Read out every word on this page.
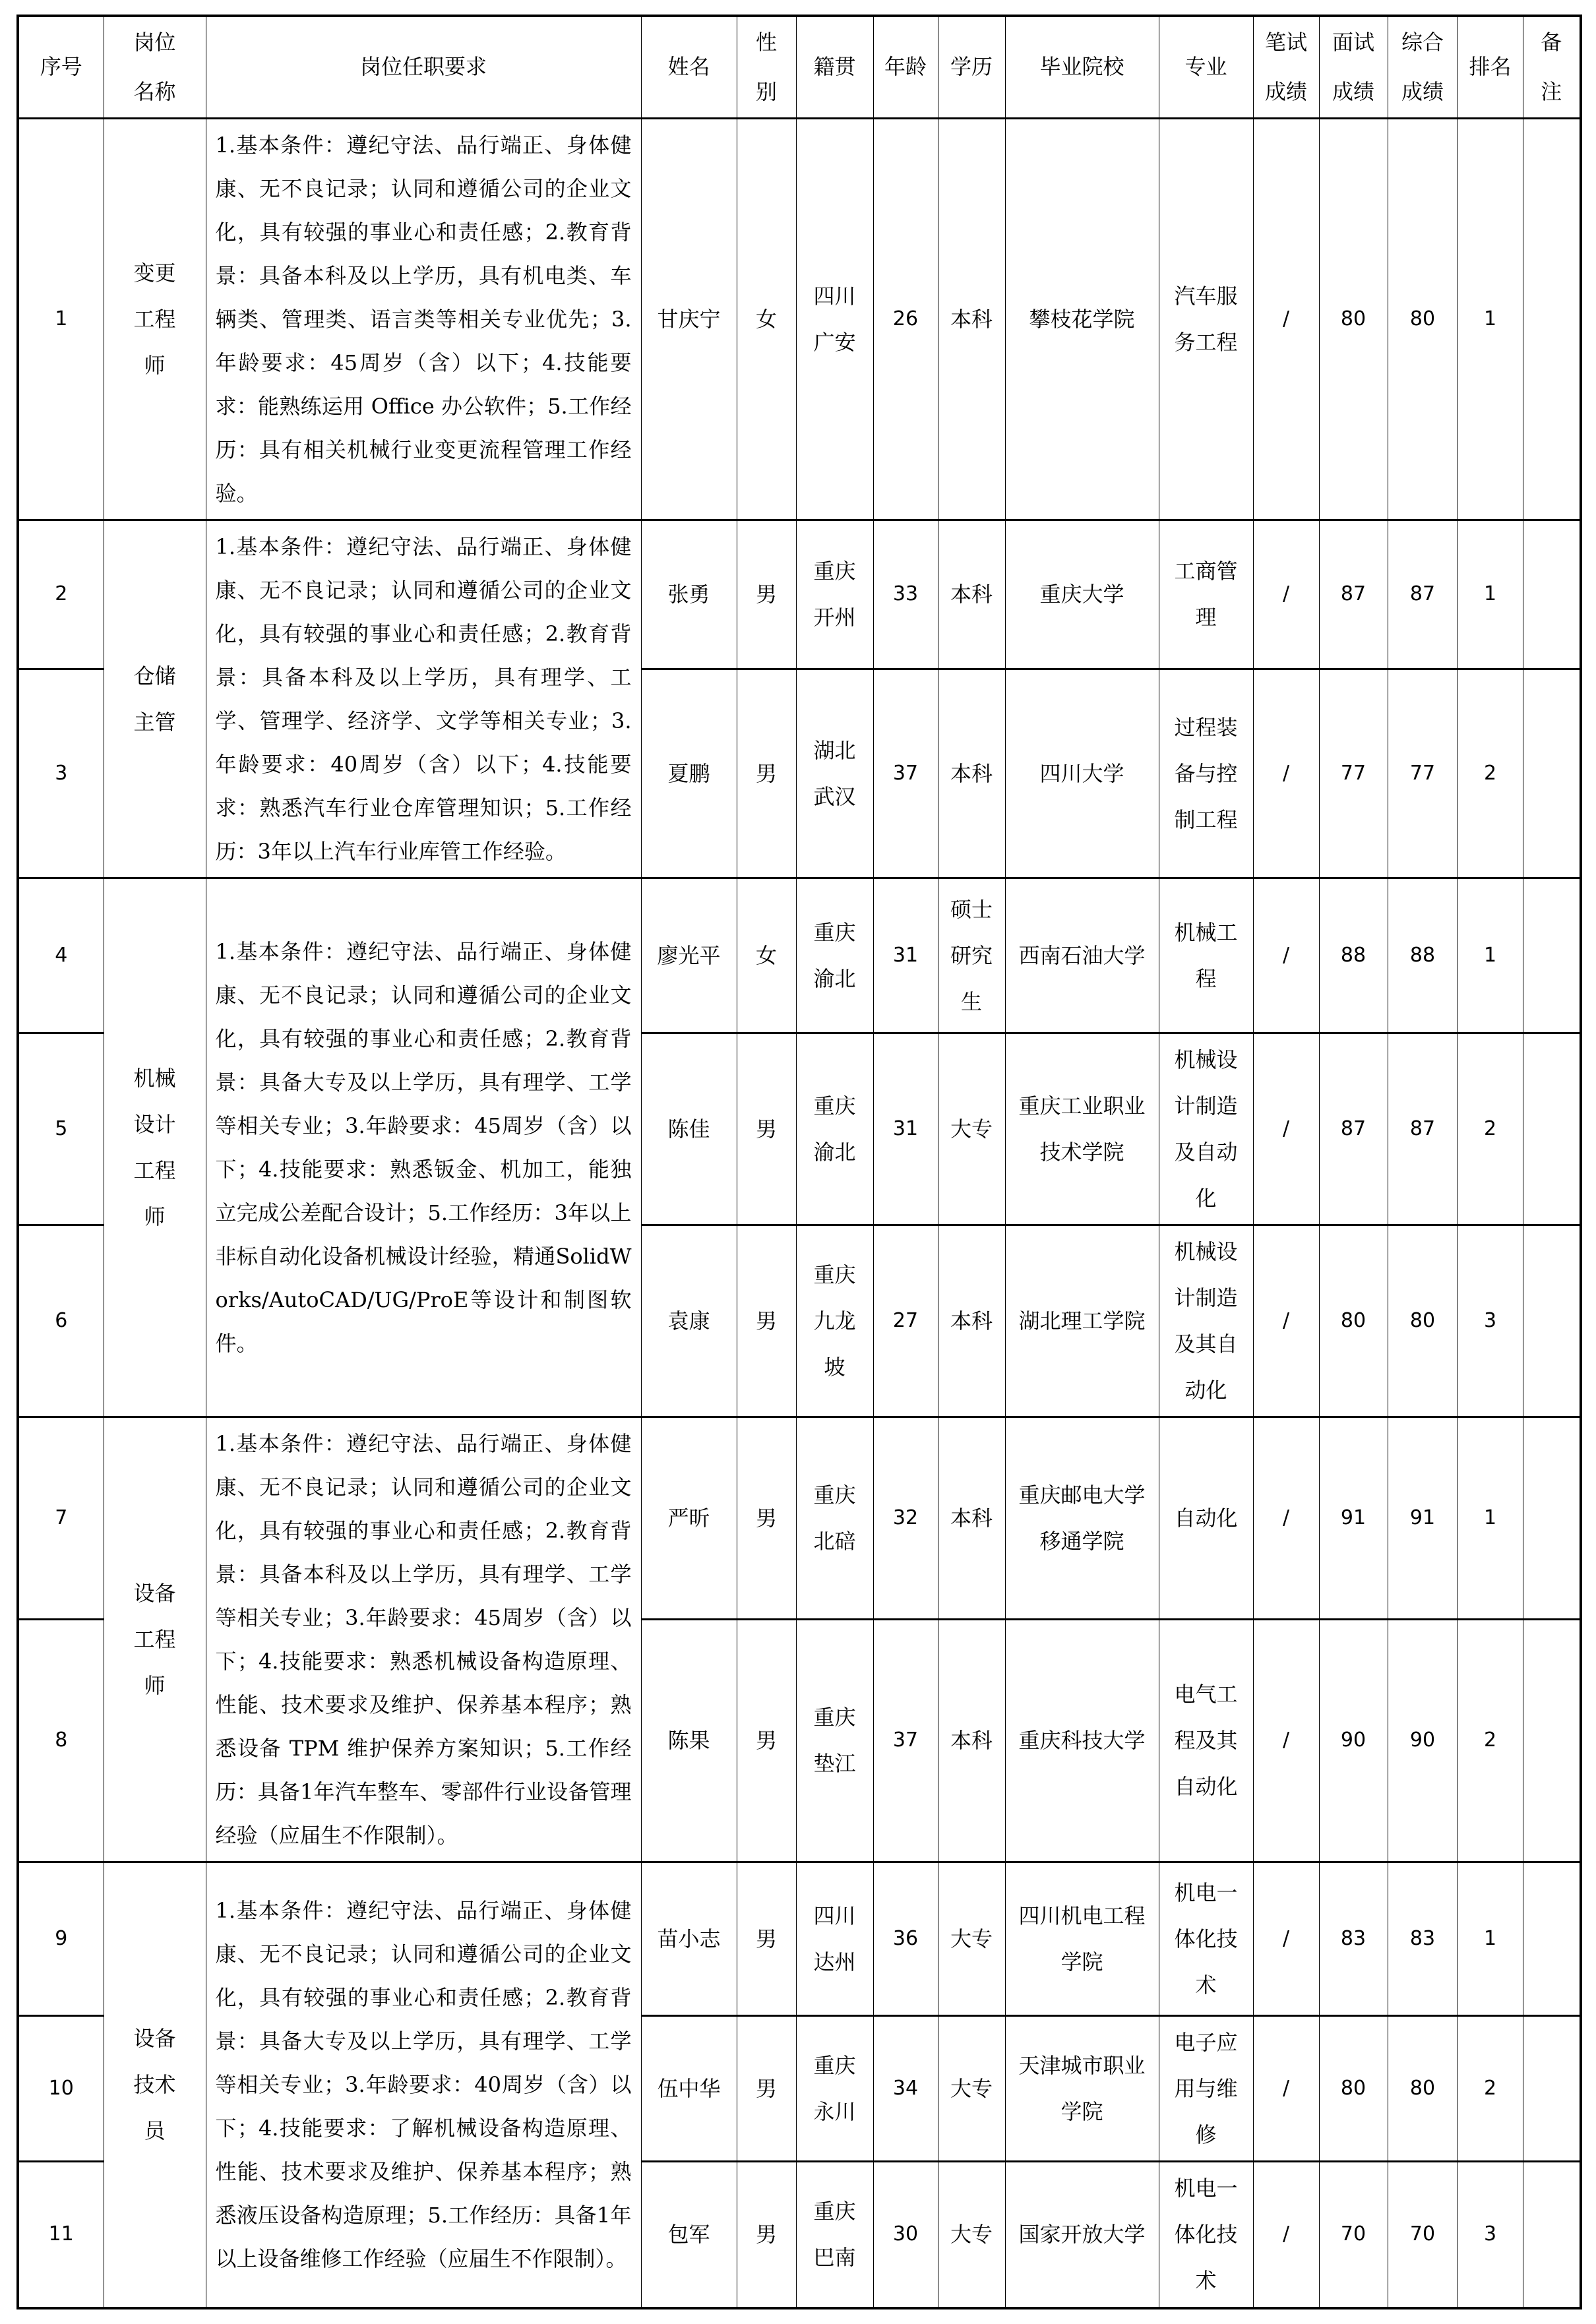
序号	岗位名称	岗位任职要求	姓名	性别	籍贯	年龄	学历	毕业院校	专业	笔试成绩	面试成绩	综合成绩	排名	备注
1	变更工程师	1.基本条件：遵纪守法、品行端正、身体健康、无不良记录；认同和遵循公司的企业文化，具有较强的事业心和责任感；2.教育背景：具备本科及以上学历，具有机电类、车辆类、管理类、语言类等相关专业优先；3.年龄要求：45周岁（含）以下；4.技能要求：能熟练运用 Office 办公软件；5.工作经历：具有相关机械行业变更流程管理工作经验。	甘庆宁	女	四川广安	26	本科	攀枝花学院	汽车服务工程	/	80	80	1	
2	仓储主管	1.基本条件：遵纪守法、品行端正、身体健康、无不良记录；认同和遵循公司的企业文化，具有较强的事业心和责任感；2.教育背景：具备本科及以上学历，具有理学、工学、管理学、经济学、文学等相关专业；3.年龄要求：40周岁（含）以下；4.技能要求：熟悉汽车行业仓库管理知识；5.工作经历：3年以上汽车行业库管工作经验。	张勇	男	重庆开州	33	本科	重庆大学	工商管理	/	87	87	1	
3			夏鹏	男	湖北武汉	37	本科	四川大学	过程装备与控制工程	/	77	77	2	
4	机械设计工程师	1.基本条件：遵纪守法、品行端正、身体健康、无不良记录；认同和遵循公司的企业文化，具有较强的事业心和责任感；2.教育背景：具备大专及以上学历，具有理学、工学等相关专业；3.年龄要求：45周岁（含）以下；4.技能要求：熟悉钣金、机加工，能独立完成公差配合设计；5.工作经历：3年以上非标自动化设备机械设计经验，精通SolidWorks/AutoCAD/UG/ProE等设计和制图软件。	廖光平	女	重庆渝北	31	硕士研究生	西南石油大学	机械工程	/	88	88	1	
5			陈佳	男	重庆渝北	31	大专	重庆工业职业技术学院	机械设计制造及自动化	/	87	87	2	
6			袁康	男	重庆九龙坡	27	本科	湖北理工学院	机械设计制造及其自动化	/	80	80	3	
7	设备工程师	1.基本条件：遵纪守法、品行端正、身体健康、无不良记录；认同和遵循公司的企业文化，具有较强的事业心和责任感；2.教育背景：具备本科及以上学历，具有理学、工学等相关专业；3.年龄要求：45周岁（含）以下；4.技能要求：熟悉机械设备构造原理、性能、技术要求及维护、保养基本程序；熟悉设备 TPM 维护保养方案知识；5.工作经历：具备1年汽车整车、零部件行业设备管理经验（应届生不作限制）。	严昕	男	重庆北碚	32	本科	重庆邮电大学移通学院	自动化	/	91	91	1	
8			陈果	男	重庆垫江	37	本科	重庆科技大学	电气工程及其自动化	/	90	90	2	
9	设备技术员	1.基本条件：遵纪守法、品行端正、身体健康、无不良记录；认同和遵循公司的企业文化，具有较强的事业心和责任感；2.教育背景：具备大专及以上学历，具有理学、工学等相关专业；3.年龄要求：40周岁（含）以下；4.技能要求：了解机械设备构造原理、性能、技术要求及维护、保养基本程序；熟悉液压设备构造原理；5.工作经历：具备1年以上设备维修工作经验（应届生不作限制）。	苗小志	男	四川达州	36	大专	四川机电工程学院	机电一体化技术	/	83	83	1	
10			伍中华	男	重庆永川	34	大专	天津城市职业学院	电子应用与维修	/	80	80	2	
11			包军	男	重庆巴南	30	大专	国家开放大学	机电一体化技术	/	70	70	3	
